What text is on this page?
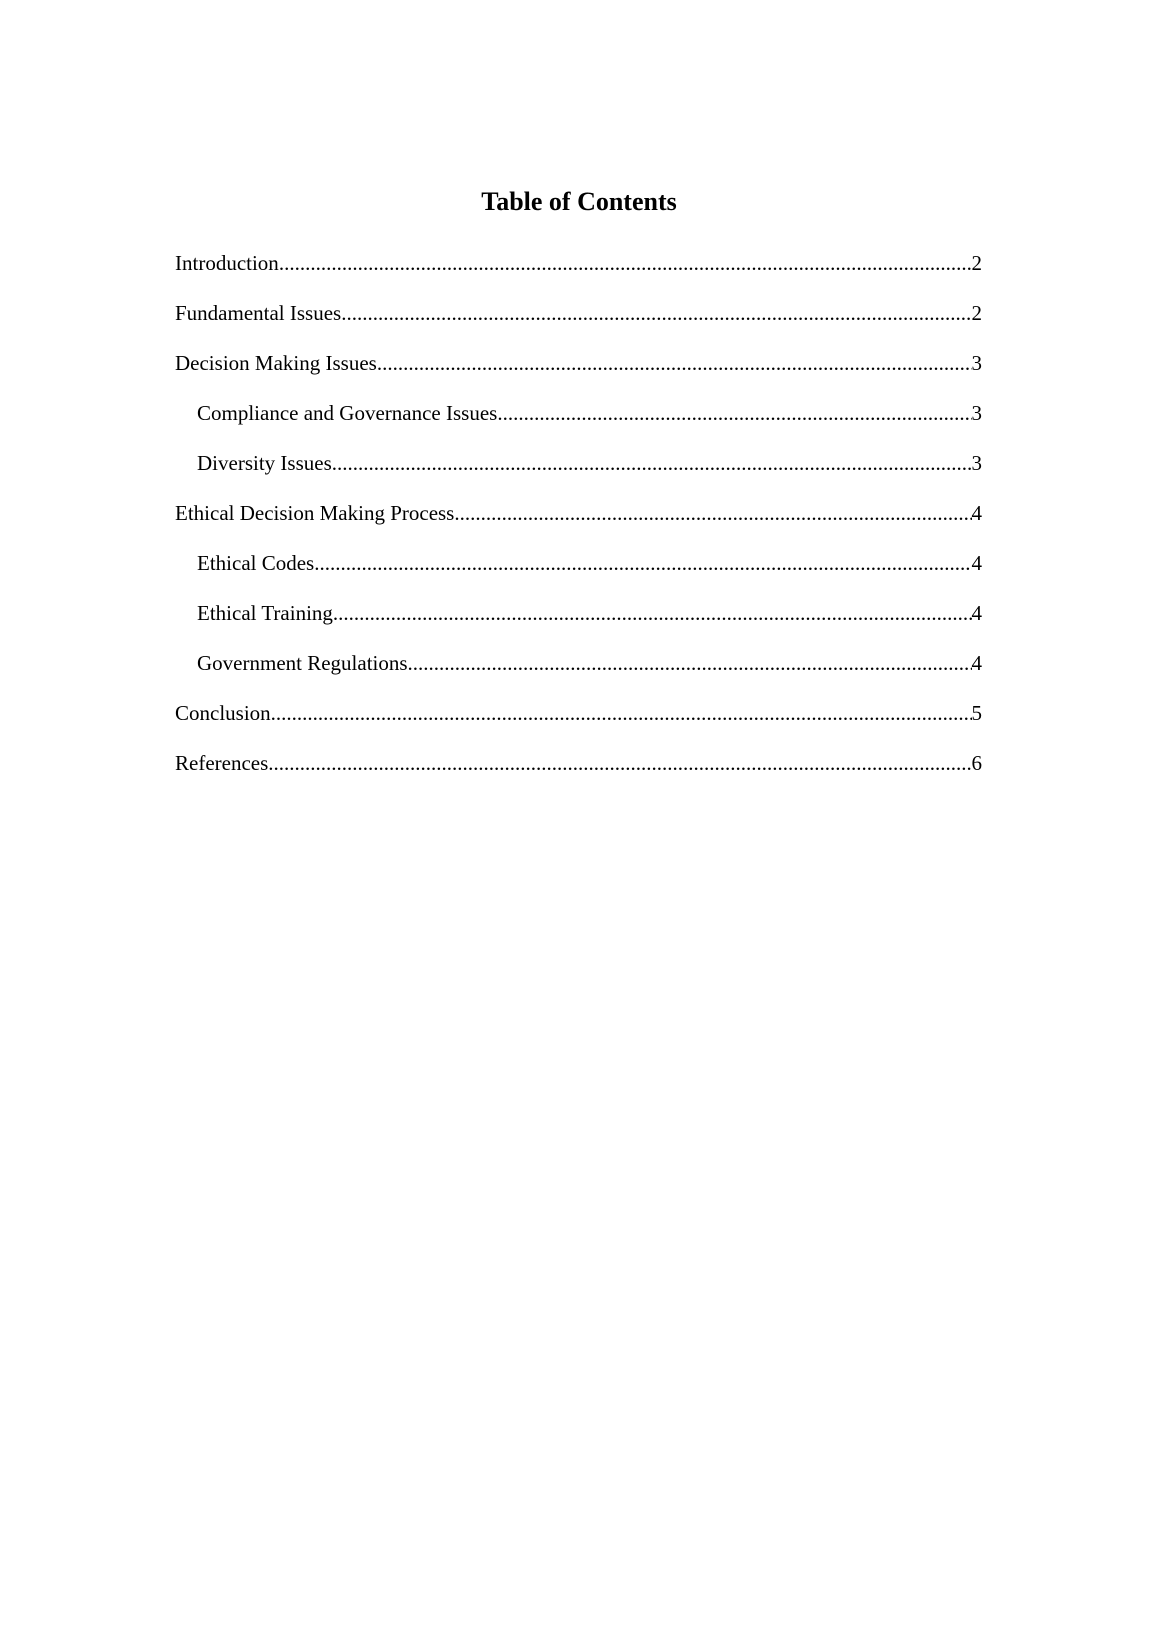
Table of Contents
Introduction .....	2
Fundamental Issues .....	2
Decision Making Issues .....	3
Compliance and Governance Issues .....	3
Diversity Issues .....	3
Ethical Decision Making Process .....	4
Ethical Codes .....	4
Ethical Training .....	4
Government Regulations .....	4
Conclusion .....	5
References .....	6
